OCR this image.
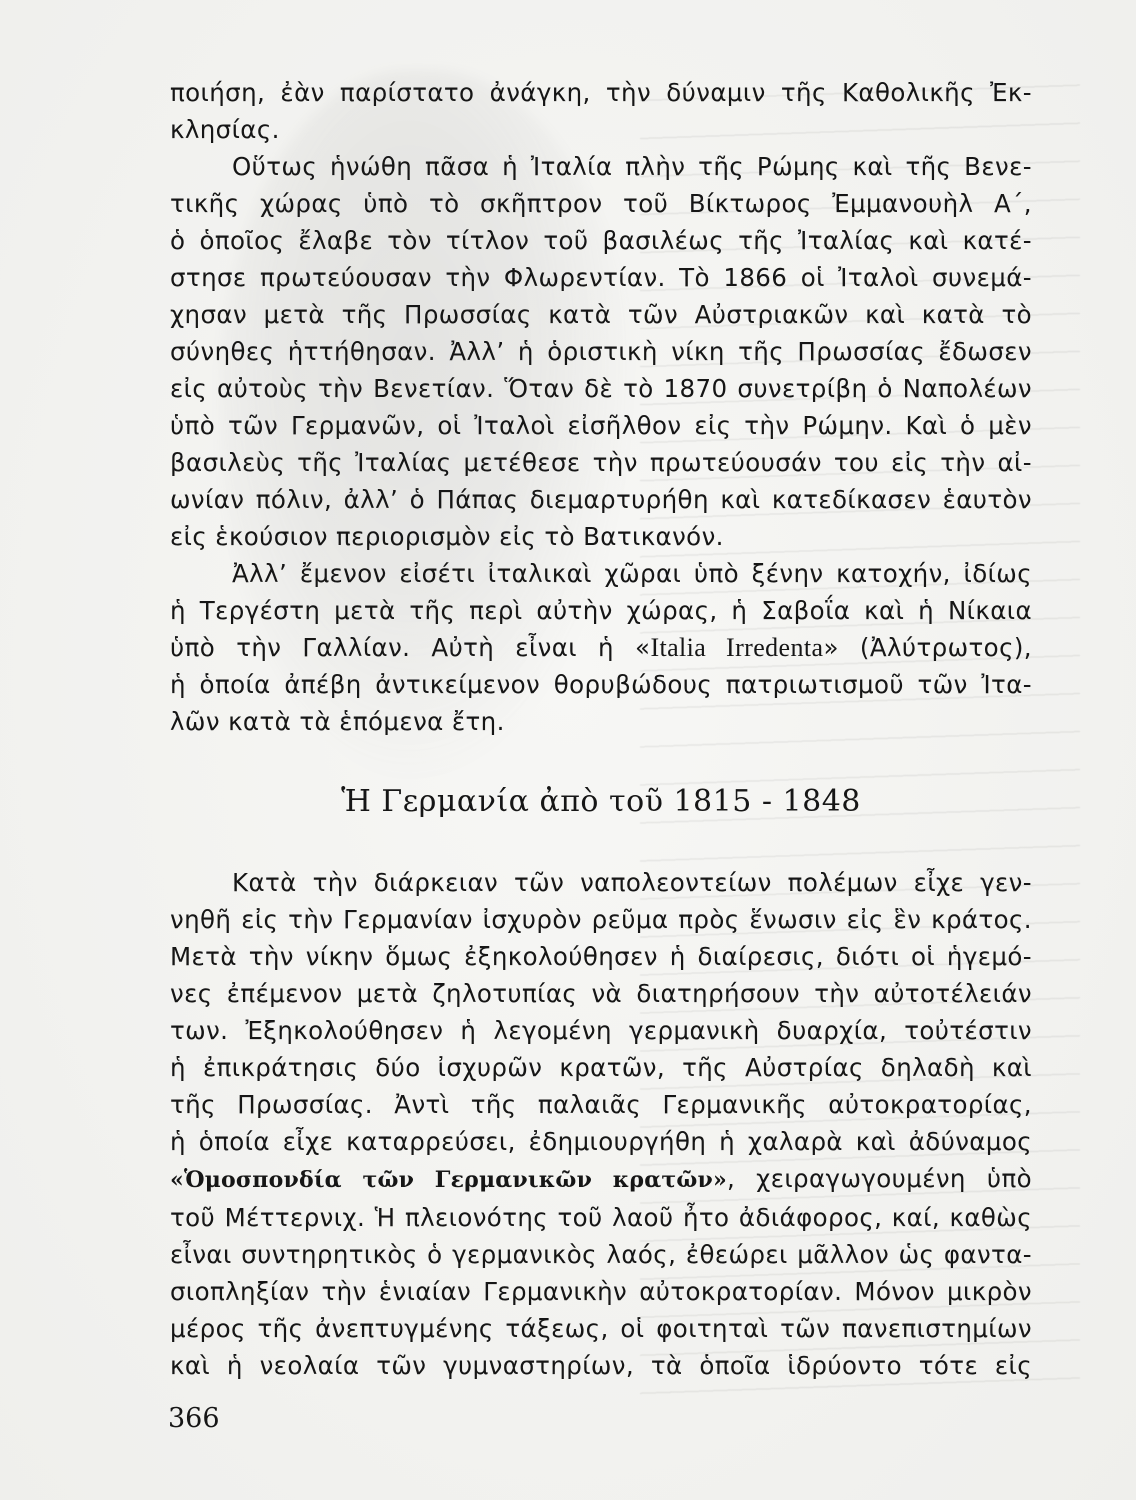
ποιήση, ἐὰν παρίστατο ἀνάγκη, τὴν δύναμιν τῆς Καθολικῆς Ἐκ-
κλησίας.
Οὕτως ἡνώθη πᾶσα ἡ Ἰταλία πλὴν τῆς Ρώμης καὶ τῆς Βενε-
τικῆς χώρας ὑπὸ τὸ σκῆπτρον τοῦ Βίκτωρος Ἐμμανουὴλ Α΄,
ὁ ὁποῖος ἔλαβε τὸν τίτλον τοῦ βασιλέως τῆς Ἰταλίας καὶ κατέ-
στησε πρωτεύουσαν τὴν Φλωρεντίαν. Τὸ 1866 οἱ Ἰταλοὶ συνεμά-
χησαν μετὰ τῆς Πρωσσίας κατὰ τῶν Αὐστριακῶν καὶ κατὰ τὸ
σύνηθες ἡττήθησαν. Ἀλλ’ ἡ ὁριστικὴ νίκη τῆς Πρωσσίας ἔδωσεν
εἰς αὐτοὺς τὴν Βενετίαν. Ὅταν δὲ τὸ 1870 συνετρίβη ὁ Ναπολέων
ὑπὸ τῶν Γερμανῶν, οἱ Ἰταλοὶ εἰσῆλθον εἰς τὴν Ρώμην. Καὶ ὁ μὲν
βασιλεὺς τῆς Ἰταλίας μετέθεσε τὴν πρωτεύουσάν του εἰς τὴν αἰ-
ωνίαν πόλιν, ἀλλ’ ὁ Πάπας διεμαρτυρήθη καὶ κατεδίκασεν ἑαυτὸν
εἰς ἑκούσιον περιορισμὸν εἰς τὸ Βατικανόν.
Ἀλλ’ ἔμενον εἰσέτι ἰταλικαὶ χῶραι ὑπὸ ξένην κατοχήν, ἰδίως
ἡ Τεργέστη μετὰ τῆς περὶ αὐτὴν χώρας, ἡ Σαβοΐα καὶ ἡ Νίκαια
ὑπὸ τὴν Γαλλίαν. Αὐτὴ εἶναι ἡ «Italia Irredenta» (Ἀλύτρωτος),
ἡ ὁποία ἀπέβη ἀντικείμενον θορυβώδους πατριωτισμοῦ τῶν Ἰτα-
λῶν κατὰ τὰ ἑπόμενα ἔτη.
Ἡ Γερμανία ἀπὸ τοῦ 1815 - 1848
Κατὰ τὴν διάρκειαν τῶν ναπολεοντείων πολέμων εἶχε γεν-
νηθῆ εἰς τὴν Γερμανίαν ἰσχυρὸν ρεῦμα πρὸς ἕνωσιν εἰς ἓν κράτος.
Μετὰ τὴν νίκην ὅμως ἐξηκολούθησεν ἡ διαίρεσις, διότι οἱ ἡγεμό-
νες ἐπέμενον μετὰ ζηλοτυπίας νὰ διατηρήσουν τὴν αὐτοτέλειάν
των. Ἐξηκολούθησεν ἡ λεγομένη γερμανικὴ δυαρχία, τοὐτέστιν
ἡ ἐπικράτησις δύο ἰσχυρῶν κρατῶν, τῆς Αὐστρίας δηλαδὴ καὶ
τῆς Πρωσσίας. Ἀντὶ τῆς παλαιᾶς Γερμανικῆς αὐτοκρατορίας,
ἡ ὁποία εἶχε καταρρεύσει, ἐδημιουργήθη ἡ χαλαρὰ καὶ ἀδύναμος
«Ὁμοσπονδία τῶν Γερμανικῶν κρατῶν», χειραγωγουμένη ὑπὸ
τοῦ Μέττερνιχ. Ἡ πλειονότης τοῦ λαοῦ ἦτο ἀδιάφορος, καί, καθὼς
εἶναι συντηρητικὸς ὁ γερμανικὸς λαός, ἐθεώρει μᾶλλον ὡς φαντα-
σιοπληξίαν τὴν ἑνιαίαν Γερμανικὴν αὐτοκρατορίαν. Μόνον μικρὸν
μέρος τῆς ἀνεπτυγμένης τάξεως, οἱ φοιτηταὶ τῶν πανεπιστημίων
καὶ ἡ νεολαία τῶν γυμναστηρίων, τὰ ὁποῖα ἱδρύοντο τότε εἰς
366
